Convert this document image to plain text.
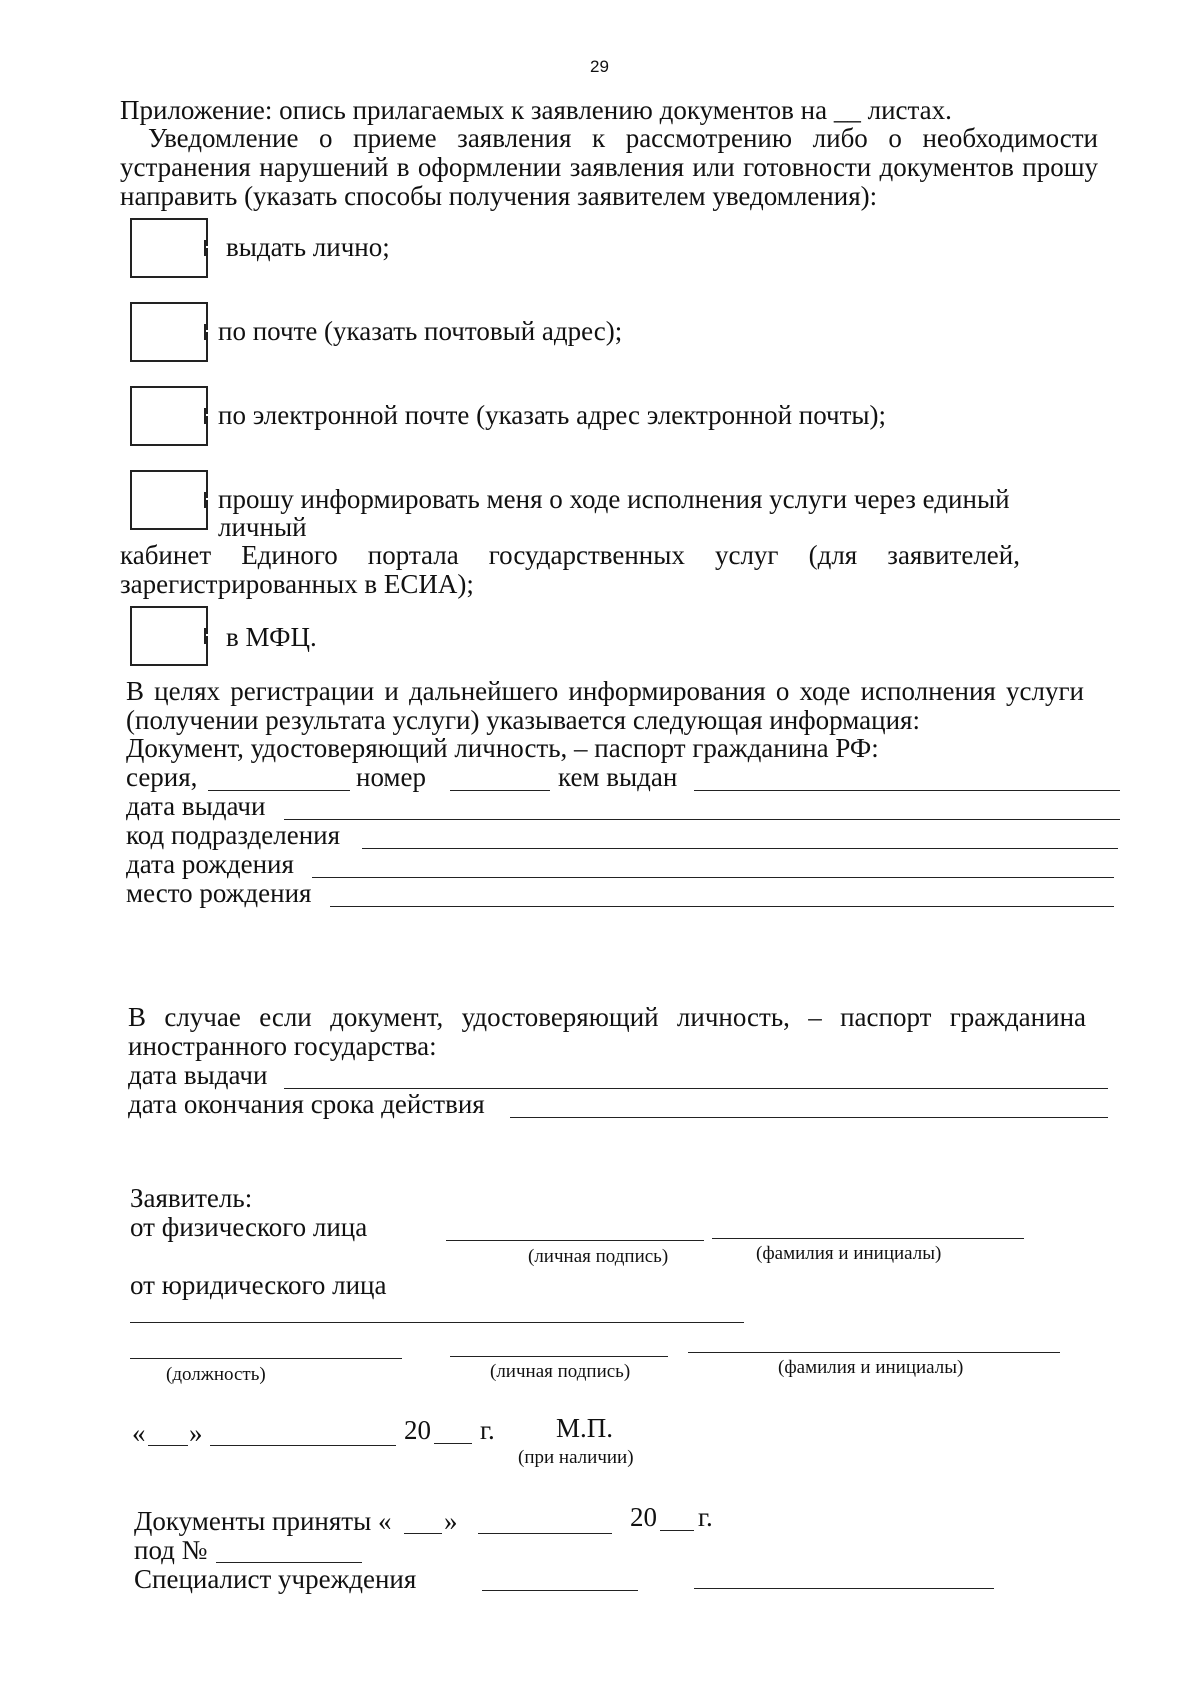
29
Приложение: опись прилагаемых к заявлению документов на __ листах.
Уведомление о приеме заявления к рассмотрению либо о необходимости
устранения нарушений в оформлении заявления или готовности документов прошу
направить (указать способы получения заявителем уведомления):
выдать лично;
по почте (указать почтовый адрес);
по электронной почте (указать адрес электронной почты);
прошу информировать меня о ходе исполнения услуги через единый
личный
кабинет Единого портала государственных услуг (для заявителей,
зарегистрированных в ЕСИА);
в МФЦ.
В целях регистрации и дальнейшего информирования о ходе исполнения услуги
(получении результата услуги) указывается следующая информация:
Документ, удостоверяющий личность, – паспорт гражданина РФ:
серия,	номер	кем выдан
дата выдачи
код подразделения
дата рождения
место рождения
В случае если документ, удостоверяющий личность, – паспорт гражданина
иностранного государства:
дата выдачи
дата окончания срока действия
Заявитель:
от физического лица
(личная подпись)	(фамилия и инициалы)
от юридического лица
(должность)	(личная подпись)	(фамилия и инициалы)
« »	20 г. М.П.
(при наличии)
Документы приняты « »	20 г.
под №
Специалист учреждения
